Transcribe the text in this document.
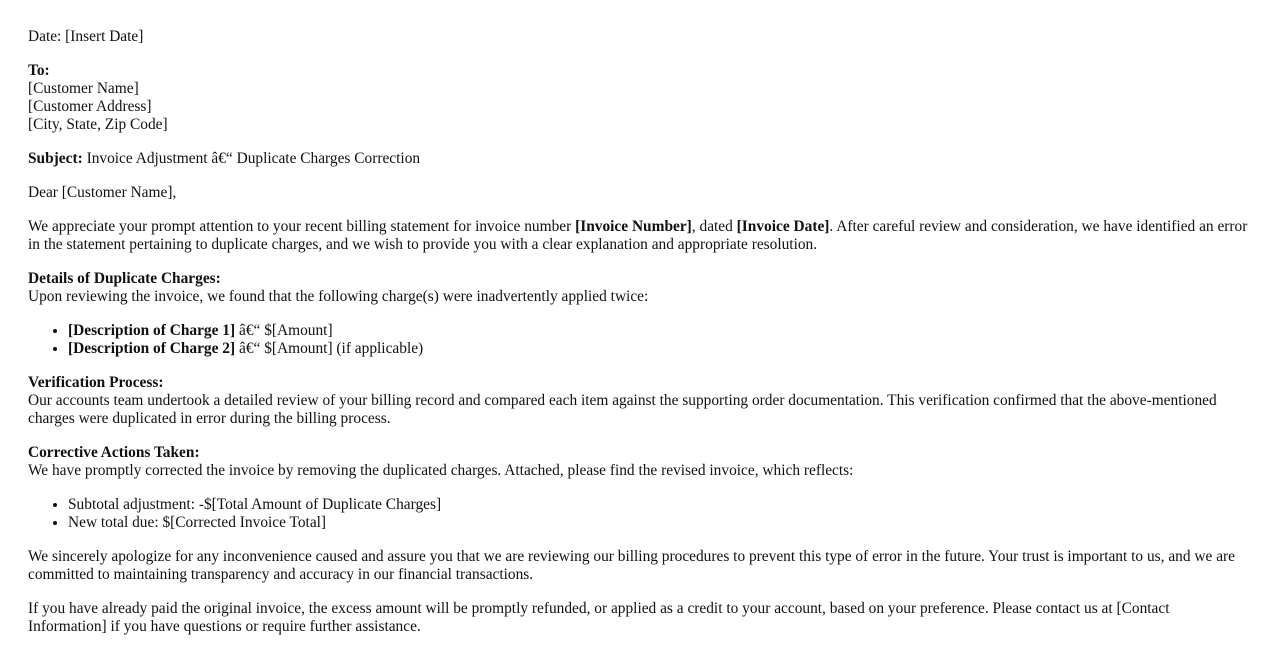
Date: [Insert Date]

To:
[Customer Name]
[Customer Address]
[City, State, Zip Code]

Subject: Invoice Adjustment â€“ Duplicate Charges Correction

Dear [Customer Name],

We appreciate your prompt attention to your recent billing statement for invoice number [Invoice Number], dated [Invoice Date]. After careful review and consideration, we have identified an error in the statement pertaining to duplicate charges, and we wish to provide you with a clear explanation and appropriate resolution.

Details of Duplicate Charges:
Upon reviewing the invoice, we found that the following charge(s) were inadvertently applied twice:
• [Description of Charge 1] â€“ $[Amount]
• [Description of Charge 2] â€“ $[Amount] (if applicable)
Verification Process:
Our accounts team undertook a detailed review of your billing record and compared each item against the supporting order documentation. This verification confirmed that the above-mentioned charges were duplicated in error during the billing process.
Corrective Actions Taken:
We have promptly corrected the invoice by removing the duplicated charges. Attached, please find the revised invoice, which reflects:
• Subtotal adjustment: -$[Total Amount of Duplicate Charges]
• New total due: $[Corrected Invoice Total]

We sincerely apologize for any inconvenience caused and assure you that we are reviewing our billing procedures to prevent this type of error in the future. Your trust is important to us, and we are committed to maintaining transparency and accuracy in our financial transactions.

If you have already paid the original invoice, the excess amount will be promptly refunded, or applied as a credit to your account, based on your preference. Please contact us at [Contact Information] if you have questions or require further assistance.
